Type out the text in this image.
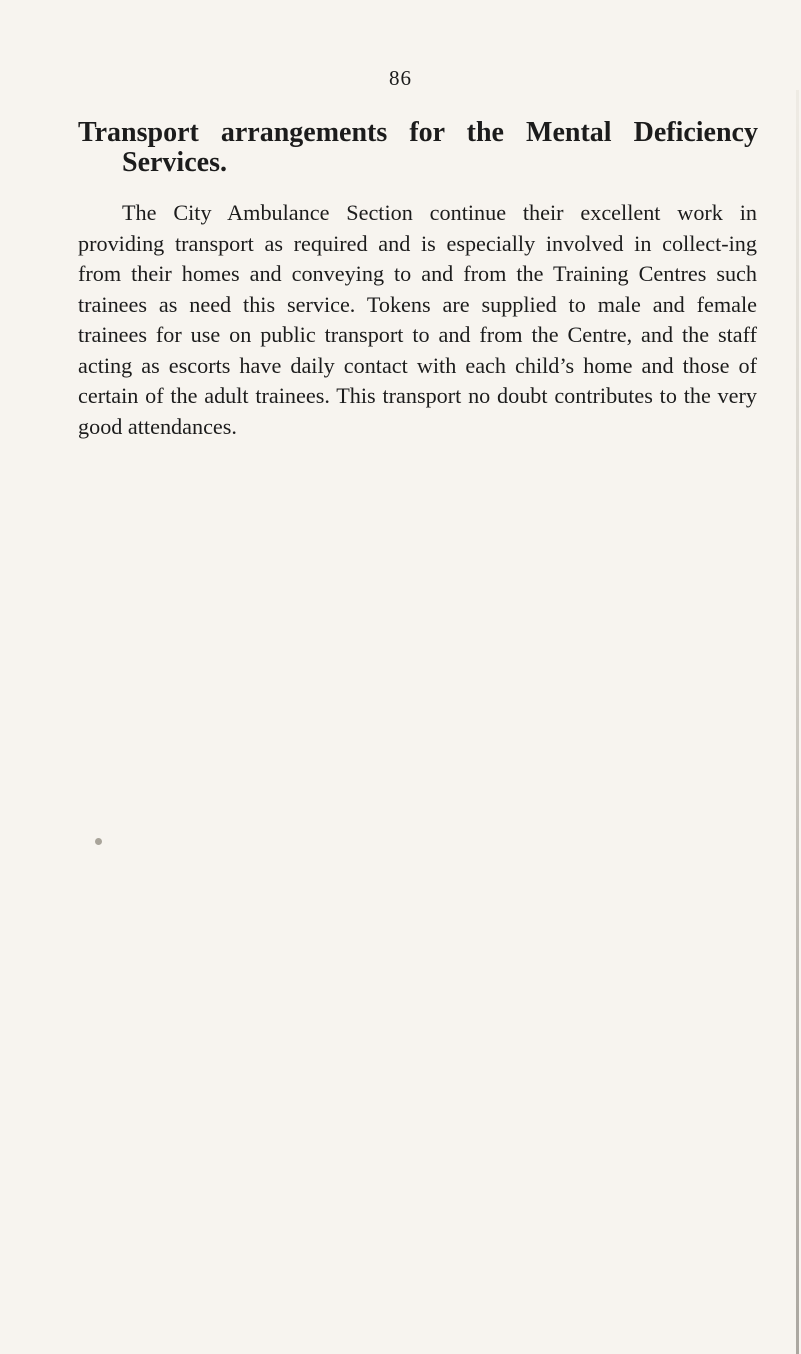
86
Transport arrangements for the Mental Deficiency
Services.

The City Ambulance Section continue their excellent work in providing transport as required and is especially involved in collect-ing from their homes and conveying to and from the Training Centres such trainees as need this service. Tokens are supplied to male and female trainees for use on public transport to and from the Centre, and the staff acting as escorts have daily contact with each child’s home and those of certain of the adult trainees. This transport no doubt contributes to the very good attendances.
